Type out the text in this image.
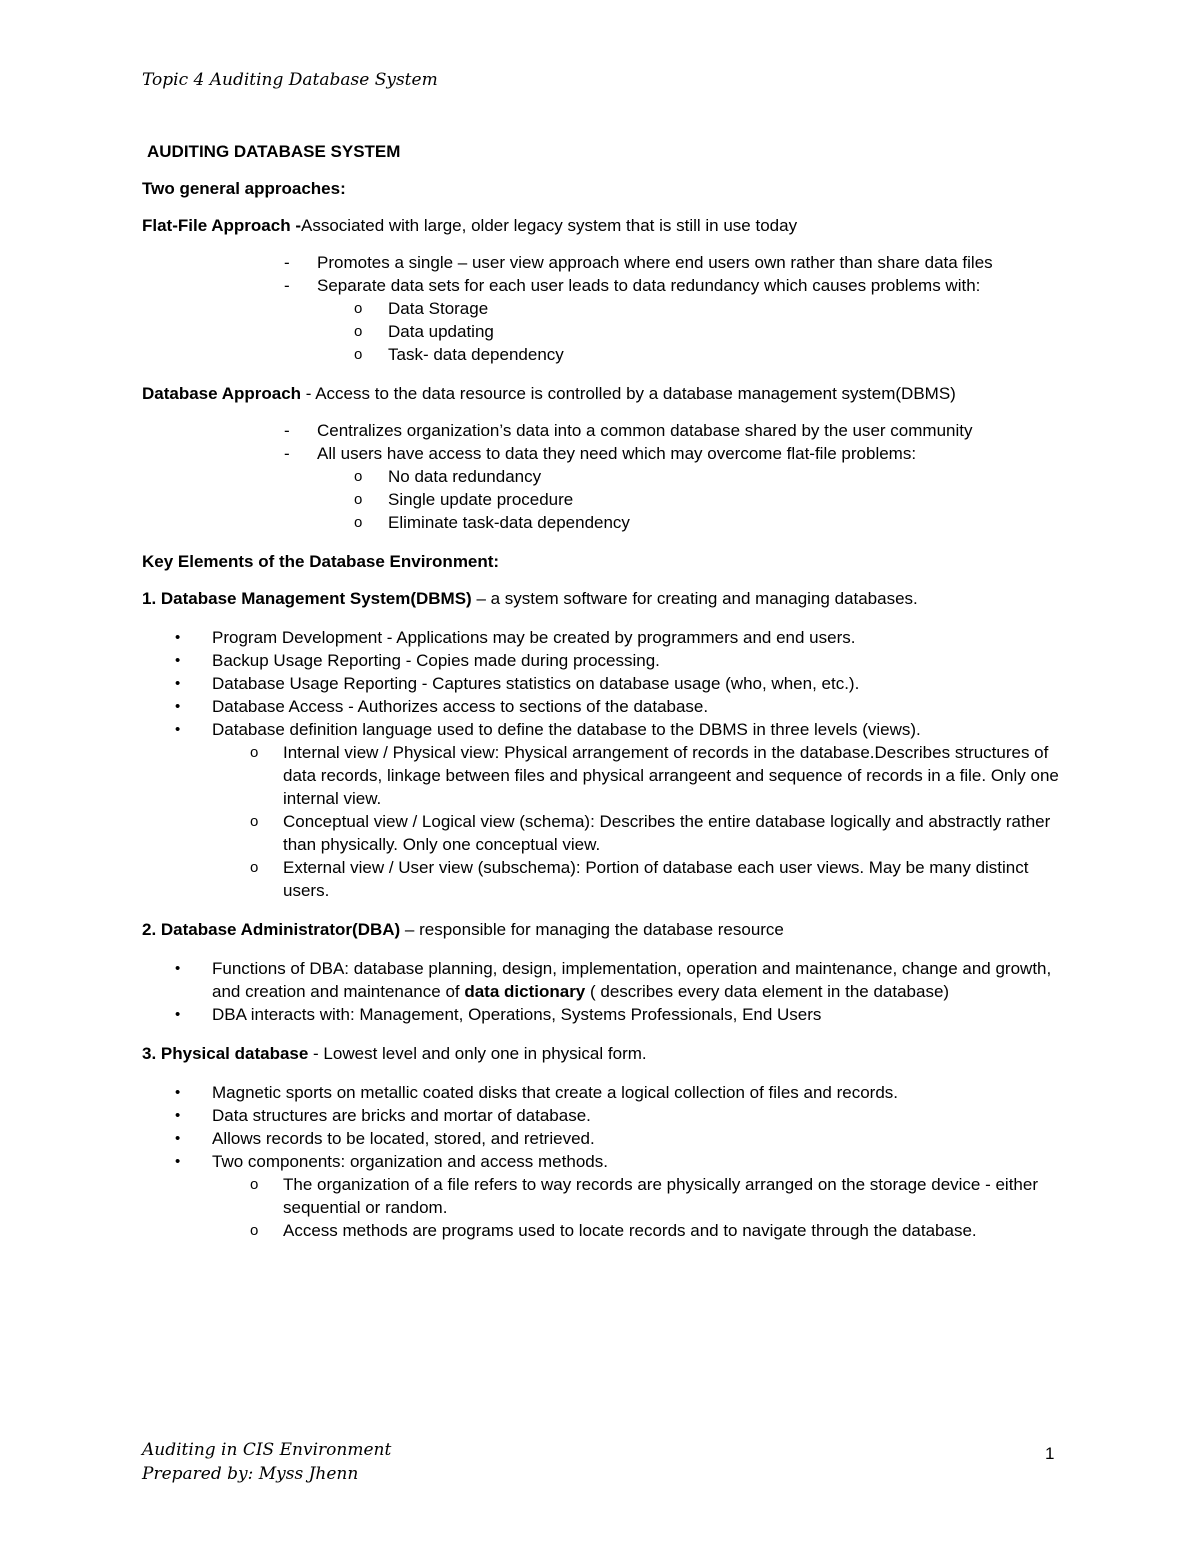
Topic 4 Auditing Database System

AUDITING DATABASE SYSTEM

Two general approaches:

Flat-File Approach -Associated with large, older legacy system that is still in use today

- Promotes a single – user view approach where end users own rather than share data files
- Separate data sets for each user leads to data redundancy which causes problems with:
o Data Storage
o Data updating
o Task- data dependency

Database Approach - Access to the data resource is controlled by a database management system(DBMS)

- Centralizes organization’s data into a common database shared by the user community
- All users have access to data they need which may overcome flat-file problems:
o No data redundancy
o Single update procedure
o Eliminate task-data dependency

Key Elements of the Database Environment:

1. Database Management System(DBMS) – a system software for creating and managing databases.

• Program Development - Applications may be created by programmers and end users.
• Backup Usage Reporting - Copies made during processing.
• Database Usage Reporting - Captures statistics on database usage (who, when, etc.).
• Database Access - Authorizes access to sections of the database.
• Database definition language used to define the database to the DBMS in three levels (views).
o Internal view / Physical view: Physical arrangement of records in the database.Describes structures of data records, linkage between files and physical arrangeent and sequence of records in a file. Only one internal view.
o Conceptual view / Logical view (schema): Describes the entire database logically and abstractly rather than physically. Only one conceptual view.
o External view / User view (subschema): Portion of database each user views. May be many distinct users.

2. Database Administrator(DBA) – responsible for managing the database resource

• Functions of DBA: database planning, design, implementation, operation and maintenance, change and growth, and creation and maintenance of data dictionary ( describes every data element in the database)
• DBA interacts with: Management, Operations, Systems Professionals, End Users

3. Physical database - Lowest level and only one in physical form.

• Magnetic sports on metallic coated disks that create a logical collection of files and records.
• Data structures are bricks and mortar of database.
• Allows records to be located, stored, and retrieved.
• Two components: organization and access methods.
o The organization of a file refers to way records are physically arranged on the storage device - either sequential or random.
o Access methods are programs used to locate records and to navigate through the database.
Auditing in CIS Environment
Prepared by: Myss Jhenn
1
